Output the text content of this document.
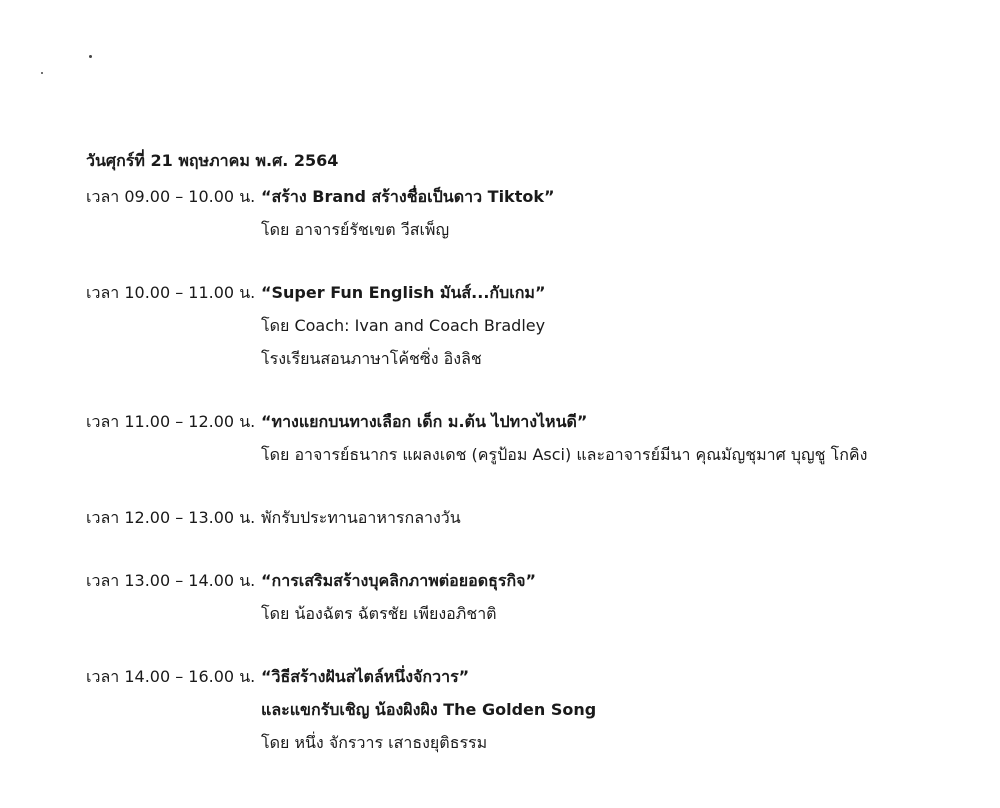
วันศุกร์ที่ 21 พฤษภาคม พ.ศ. 2564
เวลา 09.00 – 10.00 น. “สร้าง Brand สร้างชื่อเป็นดาว Tiktok”
โดย อาจารย์รัชเขต วีสเพ็ญ
เวลา 10.00 – 11.00 น. “Super Fun English มันส์...กับเกม”
โดย Coach: Ivan and Coach Bradley
โรงเรียนสอนภาษาโค้ชซิ่ง อิงลิช
เวลา 11.00 – 12.00 น. “ทางแยกบนทางเลือก เด็ก ม.ต้น ไปทางไหนดี”
โดย อาจารย์ธนากร แผลงเดช (ครูป้อม Asci) และอาจารย์มีนา คุณมัญชุมาศ บุญชู โกคิง
เวลา 12.00 – 13.00 น. พักรับประทานอาหารกลางวัน
เวลา 13.00 – 14.00 น. “การเสริมสร้างบุคลิกภาพต่อยอดธุรกิจ”
โดย น้องฉัตร ฉัตรชัย เพียงอภิชาติ
เวลา 14.00 – 16.00 น. “วิธีสร้างฝันสไตล์หนึ่งจักวาร”
และแขกรับเชิญ น้องผิงผิง The Golden Song
โดย หนึ่ง จักรวาร เสาธงยุติธรรม
